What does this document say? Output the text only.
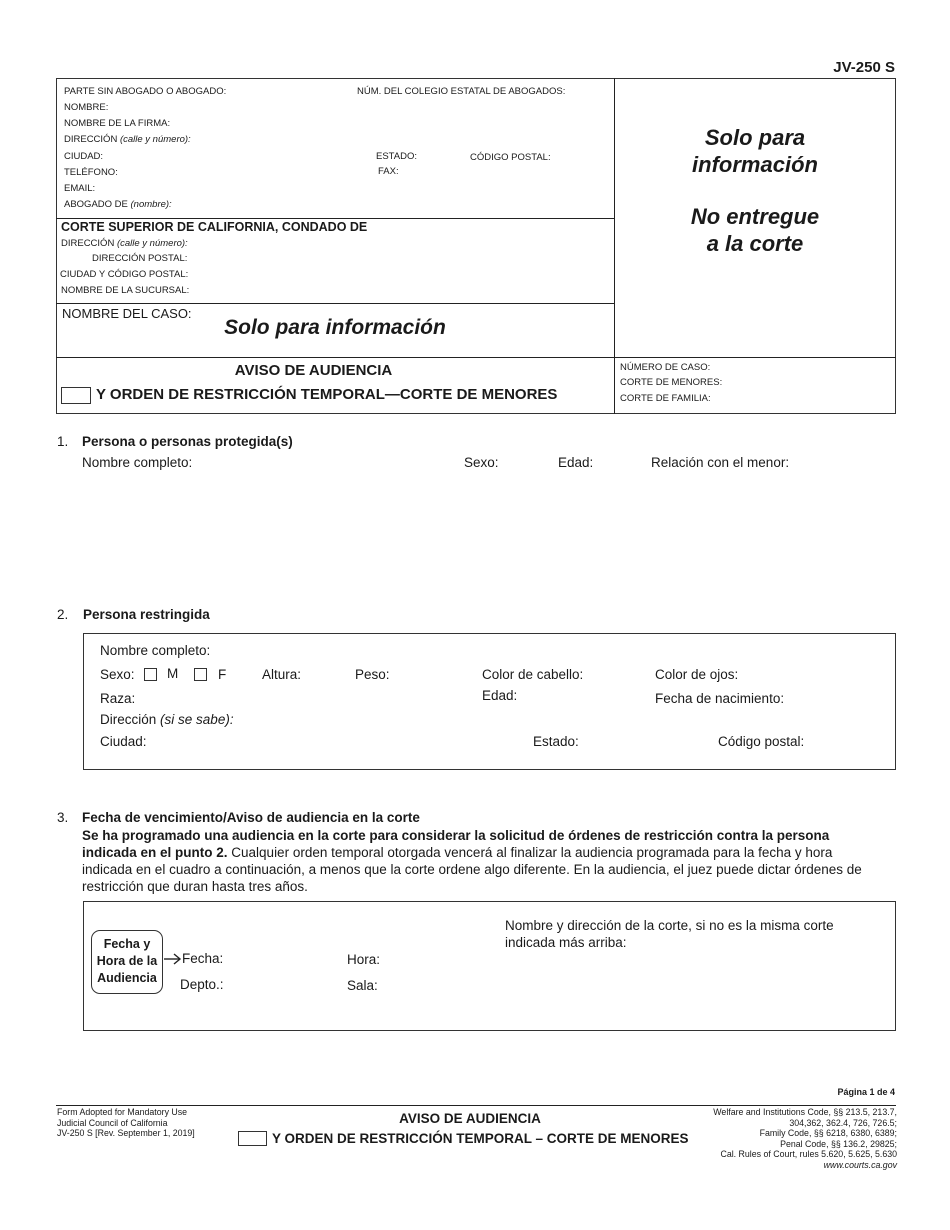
JV-250 S
PARTE SIN ABOGADO O ABOGADO:	NÚM. DEL COLEGIO ESTATAL DE ABOGADOS:
NOMBRE:
NOMBRE DE LA FIRMA:
DIRECCIÓN (calle y número):
CIUDAD:	ESTADO:	CÓDIGO POSTAL:
TELÉFONO:	FAX:
EMAIL:
ABOGADO DE (nombre):
CORTE SUPERIOR DE CALIFORNIA, CONDADO DE
DIRECCIÓN (calle y número):
DIRECCIÓN POSTAL:
CIUDAD Y CÓDIGO POSTAL:
NOMBRE DE LA SUCURSAL:
NOMBRE DEL CASO:
Solo para información
Solo para
información
No entregue
a la corte
AVISO DE AUDIENCIA
Y ORDEN DE RESTRICCIÓN TEMPORAL—CORTE DE MENORES
NÚMERO DE CASO:
CORTE DE MENORES:
CORTE DE FAMILIA:
1. Persona o personas protegida(s)
Nombre completo:	Sexo:	Edad:	Relación con el menor:
2. Persona restringida
Nombre completo:
Sexo: M	F	Altura:	Peso:	Color de cabello:	Color de ojos:
Raza:	Edad:	Fecha de nacimiento:
Dirección (si se sabe):
Ciudad:	Estado:	Código postal:
3. Fecha de vencimiento/Aviso de audiencia en la corte
Se ha programado una audiencia en la corte para considerar la solicitud de órdenes de restricción contra la persona
indicada en el punto 2. Cualquier orden temporal otorgada vencerá al finalizar la audiencia programada para la fecha y hora
indicada en el cuadro a continuación, a menos que la corte ordene algo diferente. En la audiencia, el juez puede dictar órdenes de
restricción que duran hasta tres años.
Fecha y
Hora de la
Audiencia
Fecha:	Hora:
Depto.:	Sala:
Nombre y dirección de la corte, si no es la misma corte
indicada más arriba:
Página 1 de 4
Form Adopted for Mandatory Use
Judicial Council of California
JV-250 S [Rev. September 1, 2019]
AVISO DE AUDIENCIA
Y ORDEN DE RESTRICCIÓN TEMPORAL – CORTE DE MENORES
Welfare and Institutions Code, §§ 213.5, 213.7,
304,362, 362.4, 726, 726.5;
Family Code, §§ 6218, 6380, 6389;
Penal Code, §§ 136.2, 29825;
Cal. Rules of Court, rules 5.620, 5.625, 5.630
www.courts.ca.gov
